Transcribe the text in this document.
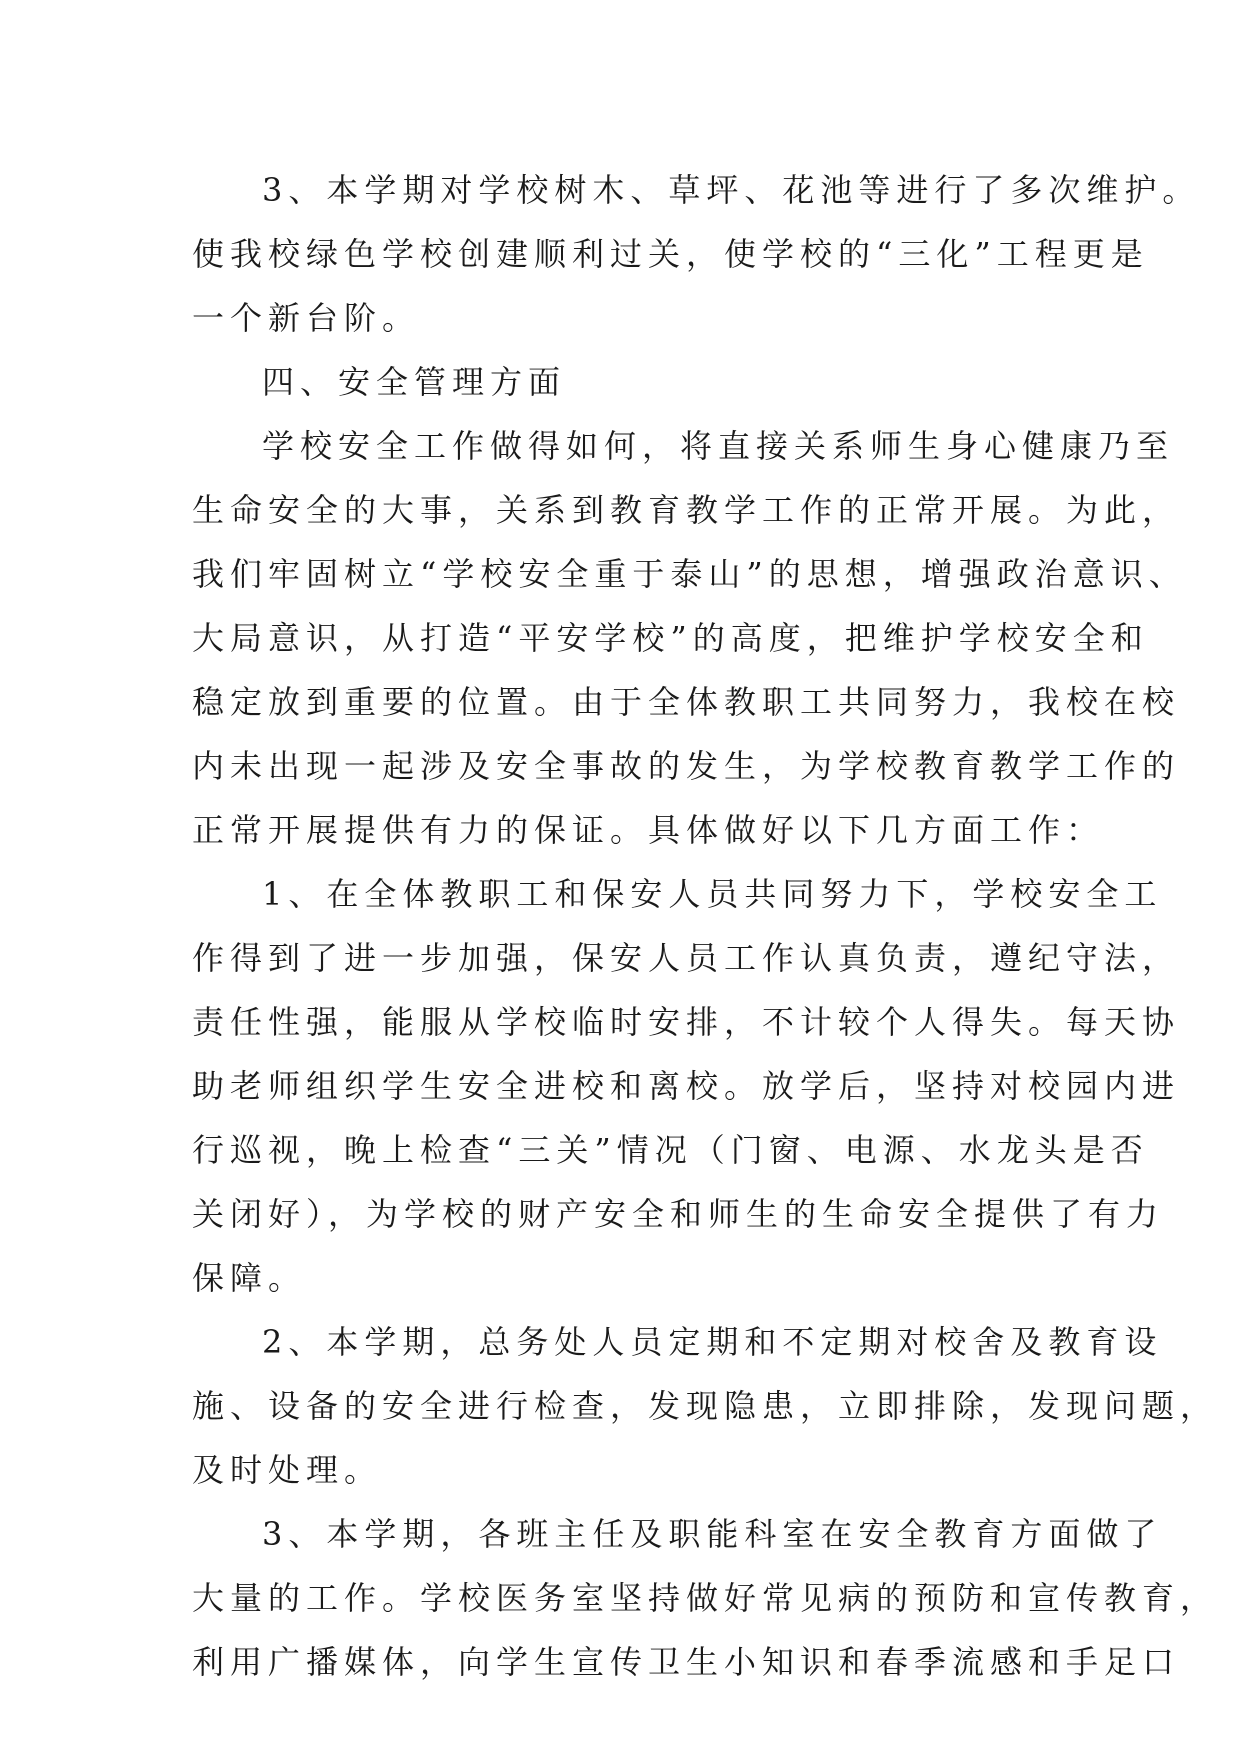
3、本学期对学校树木、草坪、花池等进行了多次维护。
使我校绿色学校创建顺利过关，使学校的“三化”工程更是
一个新台阶。
四、安全管理方面
学校安全工作做得如何，将直接关系师生身心健康乃至
生命安全的大事，关系到教育教学工作的正常开展。为此，
我们牢固树立“学校安全重于泰山”的思想，增强政治意识、
大局意识，从打造“平安学校”的高度，把维护学校安全和
稳定放到重要的位置。由于全体教职工共同努力，我校在校
内未出现一起涉及安全事故的发生，为学校教育教学工作的
正常开展提供有力的保证。具体做好以下几方面工作：
1、在全体教职工和保安人员共同努力下，学校安全工
作得到了进一步加强，保安人员工作认真负责，遵纪守法，
责任性强，能服从学校临时安排，不计较个人得失。每天协
助老师组织学生安全进校和离校。放学后，坚持对校园内进
行巡视，晚上检查“三关”情况（门窗、电源、水龙头是否
关闭好），为学校的财产安全和师生的生命安全提供了有力
保障。
2、本学期，总务处人员定期和不定期对校舍及教育设
施、设备的安全进行检查，发现隐患，立即排除，发现问题，
及时处理。
3、本学期，各班主任及职能科室在安全教育方面做了
大量的工作。学校医务室坚持做好常见病的预防和宣传教育，
利用广播媒体，向学生宣传卫生小知识和春季流感和手足口
